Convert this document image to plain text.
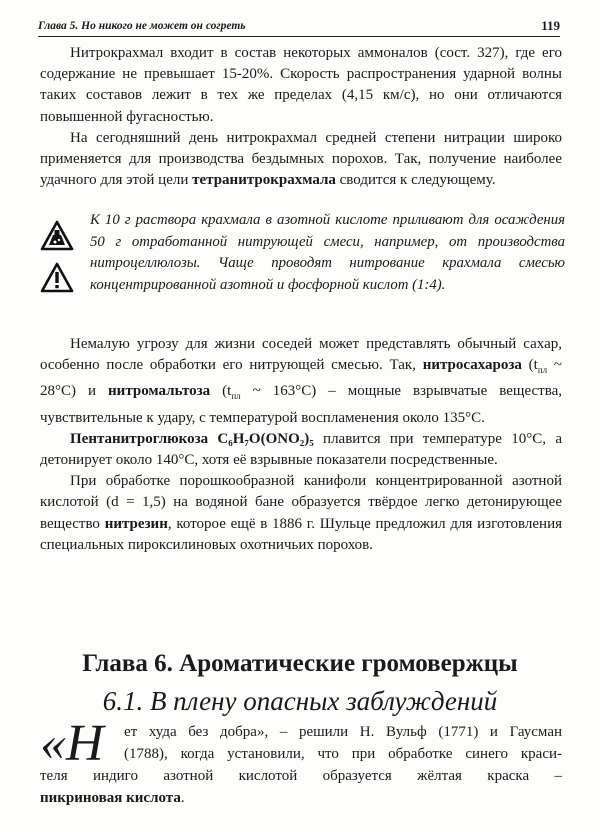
Глава 5. Но никого не может он согреть	119

Нитрокрахмал входит в состав некоторых аммоналов (сост. 327), где его содержание не превышает 15-20%. Скорость распространения ударной волны таких составов лежит в тех же пределах (4,15 км/с), но они отличаются повышенной фугасностью.

На сегодняшний день нитрокрахмал средней степени нитрации широко применяется для производства бездымных порохов. Так, получение наиболее удачного для этой цели тетранитрокрахмала сводится к следующему.

К 10 г раствора крахмала в азотной кислоте приливают для осаждения 50 г отработанной нитрующей смеси, например, от производства нитроцеллюлозы. Чаще проводят нитрование крахмала смесью концентрированной азотной и фосфорной кислот (1:4).

Немалую угрозу для жизни соседей может представлять обычный сахар, особенно после обработки его нитрующей смесью. Так, нитросахароза ($t_{пл}$ ~ 28°C) и нитромальтоза ($t_{пл}$ ~ 163°C) – мощные взрывчатые вещества, чувствительные к удару, с температурой воспламенения около 135°C.

Пентанитроглюкоза C₆H₇O(ONO₂)₅ плавится при температуре 10°C, а детонирует около 140°C, хотя её взрывные показатели посредственные.

При обработке порошкообразной канифоли концентрированной азотной кислотой (d = 1,5) на водяной бане образуется твёрдое легко детонирующее вещество нитрезин, которое ещё в 1886 г. Шульце предложил для изготовления специальных пироксилиновых охотничьих порохов.

Глава 6. Ароматические громовержцы
6.1. В плену опасных заблуждений
«Н	ет худа без добра», – решили Н. Вульф (1771) и Гаусман
(1788), когда установили, что при обработке синего краси-
теля индиго азотной кислотой образуется жёлтая краска –
пикриновая кислота.
